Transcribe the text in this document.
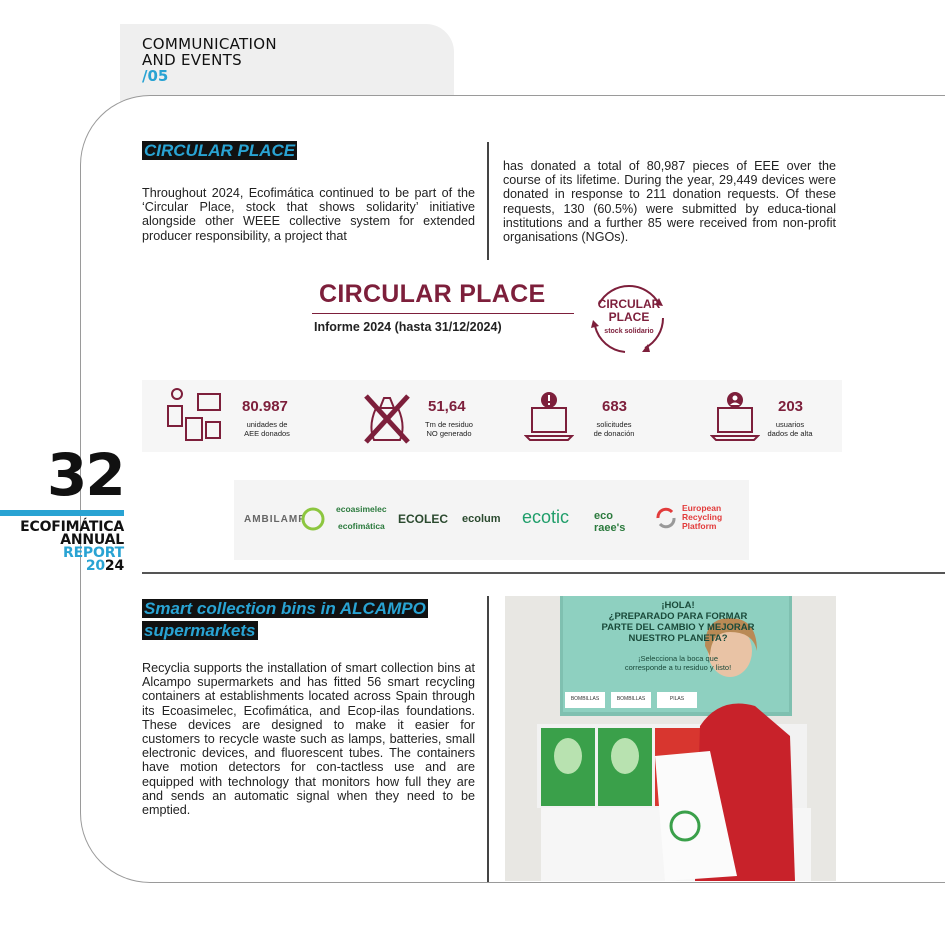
COMMUNICATION
AND EVENTS
/05
32
ECOFIMÁTICA
ANNUAL
REPORT
2024
CIRCULAR PLACE

Throughout 2024, Ecofimática continued to be part of the ‘Circular Place, stock that shows solidarity’ initiative alongside other WEEE collective system for extended producer responsibility, a project that

has donated a total of 80,987 pieces of EEE over the course of its lifetime. During the year, 29,449 devices were donated in response to 211 donation requests. Of these requests, 130 (60.5%) were submitted by educa-tional institutions and a further 85 were received from non-profit organisations (NGOs).

CIRCULAR PLACE
Informe 2024 (hasta 31/12/2024)
CIRCULAR
PLACE
stock solidario
80.987
unidades de
AEE donados
51,64
Tm de residuo
NO generado
683
solicitudes
de donación
203
usuarios
dados de alta
AMBILAMP
ecoasimelec
ecofimática ECOLEC ecolum ecotic eco raee's
European
Recycling
Platform
Smart collection bins in ALCAMPO supermarkets

Recyclia supports the installation of smart collection bins at Alcampo supermarkets and has fitted 56 smart recycling containers at establishments located across Spain through its Ecoasimelec, Ecofimática, and Ecop-ilas foundations. These devices are designed to make it easier for customers to recycle waste such as lamps, batteries, small electronic devices, and fluorescent tubes. The containers have motion detectors for con-tactless use and are equipped with technology that monitors how full they are and sends an automatic signal when they need to be emptied.

¡HOLA!
¿PREPARADO PARA FORMAR
PARTE DEL CAMBIO Y MEJORAR
NUESTRO PLANETA?
¡Selecciona la boca que
corresponde a tu residuo y listo!
BOMBILLAS	BOMBILLAS	PILAS
